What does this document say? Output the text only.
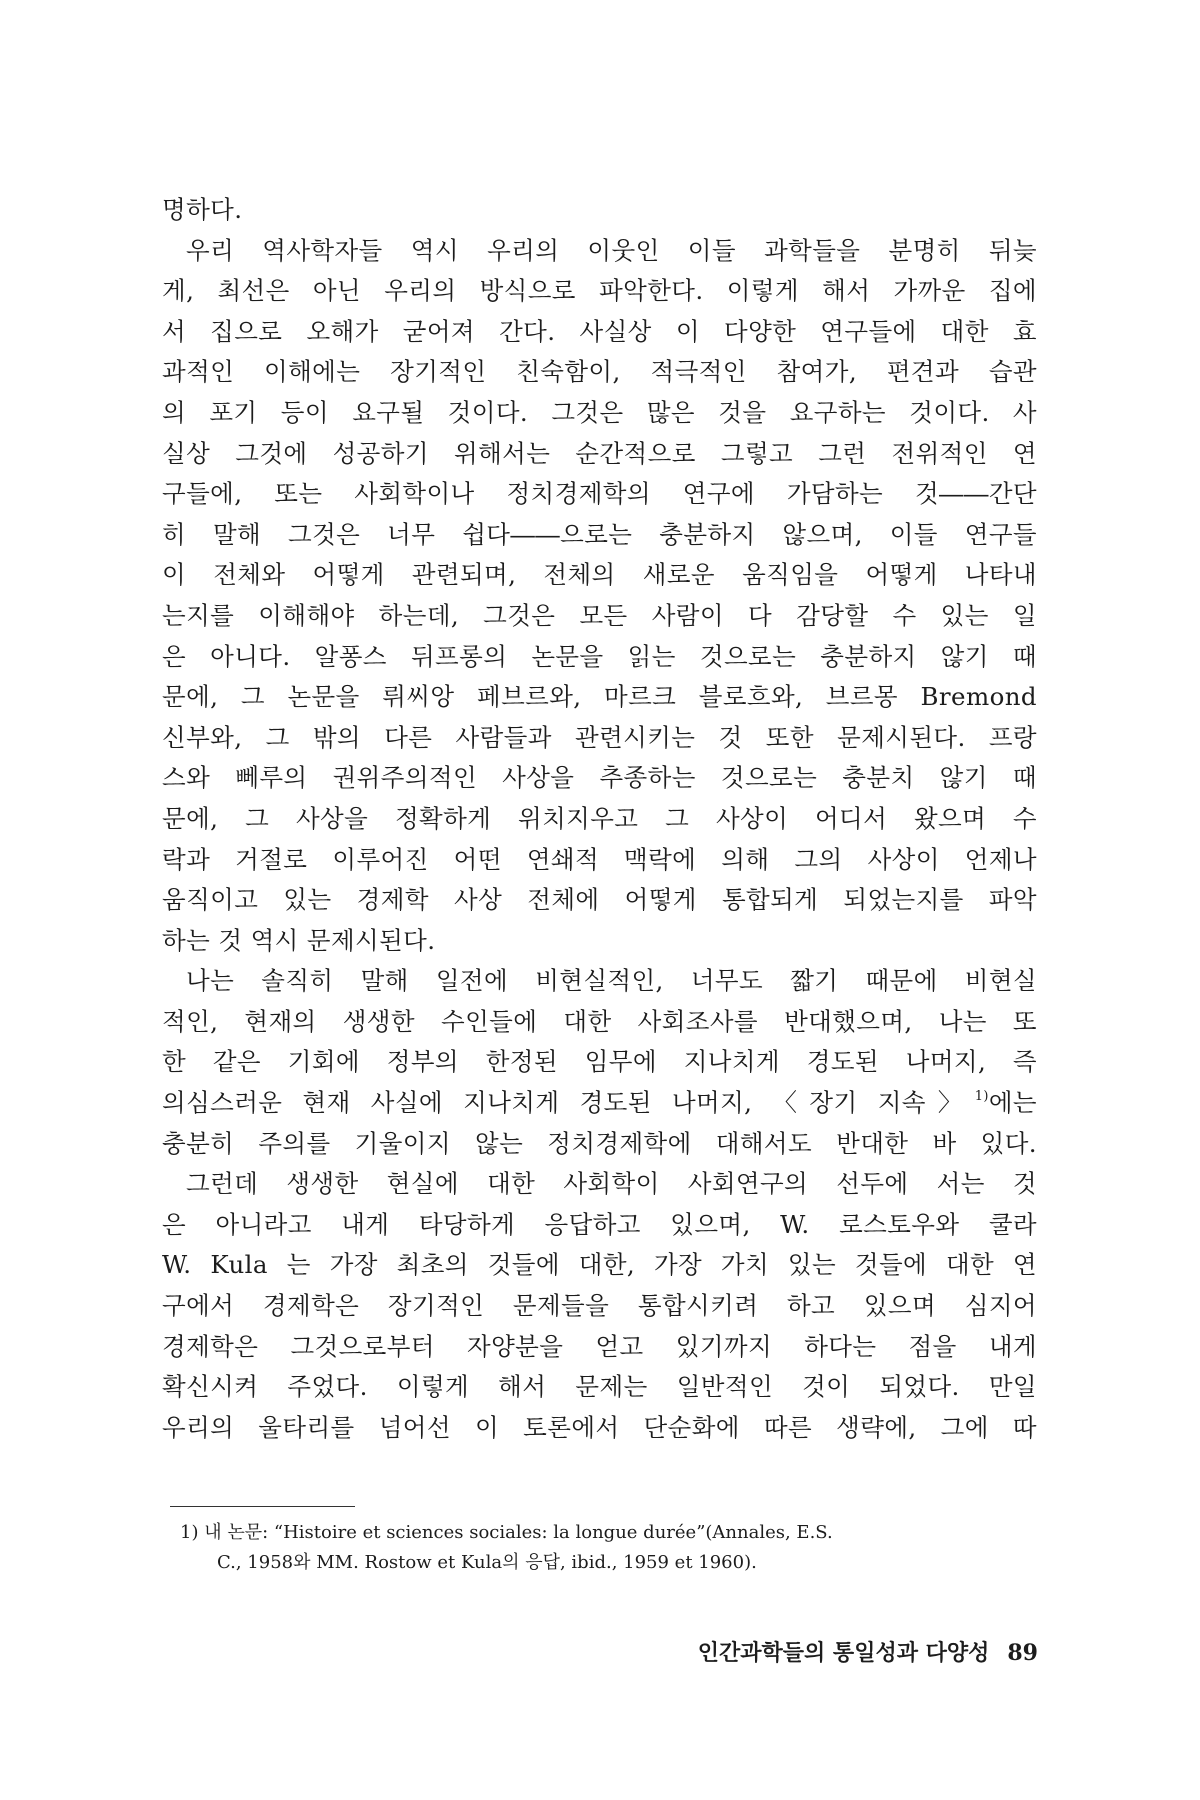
명하다.
우리 역사학자들 역시 우리의 이웃인 이들 과학들을 분명히 뒤늦
게, 최선은 아닌 우리의 방식으로 파악한다. 이렇게 해서 가까운 집에
서 집으로 오해가 굳어져 간다. 사실상 이 다양한 연구들에 대한 효
과적인 이해에는 장기적인 친숙함이, 적극적인 참여가, 편견과 습관
의 포기 등이 요구될 것이다. 그것은 많은 것을 요구하는 것이다. 사
실상 그것에 성공하기 위해서는 순간적으로 그렇고 그런 전위적인 연
구들에, 또는 사회학이나 정치경제학의 연구에 가담하는 것――간단
히 말해 그것은 너무 쉽다――으로는 충분하지 않으며, 이들 연구들
이 전체와 어떻게 관련되며, 전체의 새로운 움직임을 어떻게 나타내
는지를 이해해야 하는데, 그것은 모든 사람이 다 감당할 수 있는 일
은 아니다. 알퐁스 뒤프롱의 논문을 읽는 것으로는 충분하지 않기 때
문에, 그 논문을 뤼씨앙 페브르와, 마르크 블로흐와, 브르몽 Bremond
신부와, 그 밖의 다른 사람들과 관련시키는 것 또한 문제시된다. 프랑
스와 뻬루의 권위주의적인 사상을 추종하는 것으로는 충분치 않기 때
문에, 그 사상을 정확하게 위치지우고 그 사상이 어디서 왔으며 수
락과 거절로 이루어진 어떤 연쇄적 맥락에 의해 그의 사상이 언제나
움직이고 있는 경제학 사상 전체에 어떻게 통합되게 되었는지를 파악
하는 것 역시 문제시된다.
나는 솔직히 말해 일전에 비현실적인, 너무도 짧기 때문에 비현실
적인, 현재의 생생한 수인들에 대한 사회조사를 반대했으며, 나는 또
한 같은 기회에 정부의 한정된 임무에 지나치게 경도된 나머지, 즉
의심스러운 현재 사실에 지나치게 경도된 나머지, 〈장기 지속〉$^{1)}$에는
충분히 주의를 기울이지 않는 정치경제학에 대해서도 반대한 바 있다.
그런데 생생한 현실에 대한 사회학이 사회연구의 선두에 서는 것
은 아니라고 내게 타당하게 응답하고 있으며, W. 로스토우와 쿨라
W. Kula 는 가장 최초의 것들에 대한, 가장 가치 있는 것들에 대한 연
구에서 경제학은 장기적인 문제들을 통합시키려 하고 있으며 심지어
경제학은 그것으로부터 자양분을 얻고 있기까지 하다는 점을 내게
확신시켜 주었다. 이렇게 해서 문제는 일반적인 것이 되었다. 만일
우리의 울타리를 넘어선 이 토론에서 단순화에 따른 생략에, 그에 따
1) 내 논문: “Histoire et sciences sociales: la longue durée”(Annales, E.S.
C., 1958와 MM. Rostow et Kula의 응답, ibid., 1959 et 1960).
인간과학들의 통일성과 다양성 89
